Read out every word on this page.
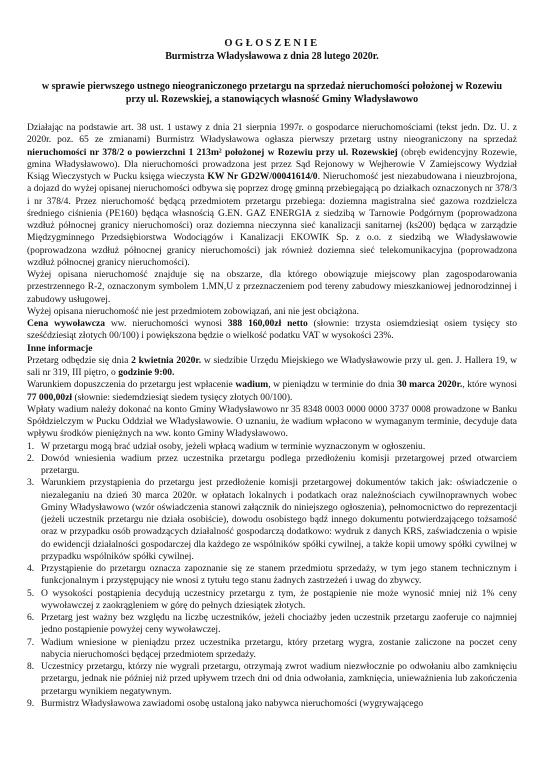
OGŁOSZENIE
Burmistrza Władysławowa z dnia 28 lutego 2020r.
w sprawie pierwszego ustnego nieograniczonego przetargu na sprzedaż nieruchomości położonej w Rozewiu przy ul. Rozewskiej, a stanowiących własność Gminy Władysławowo

Działając na podstawie art. 38 ust. 1 ustawy z dnia 21 sierpnia 1997r. o gospodarce nieruchomościami (tekst jedn. Dz. U. z 2020r. poz. 65 ze zmianami) Burmistrz Władysławowa ogłasza pierwszy przetarg ustny nieograniczony na sprzedaż nieruchomości nr 378/2 o powierzchni 1 213m² położonej w Rozewiu przy ul. Rozewskiej (obręb ewidencyjny Rozewie, gmina Władysławowo). Dla nieruchomości prowadzona jest przez Sąd Rejonowy w Wejherowie V Zamiejscowy Wydział Ksiąg Wieczystych w Pucku księga wieczysta KW Nr GD2W/00041614/0. Nieruchomość jest niezabudowana i nieuzbrojona, a dojazd do wyżej opisanej nieruchomości odbywa się poprzez drogę gminną przebiegającą po działkach oznaczonych nr 378/3 i nr 378/4. Przez nieruchomość będącą przedmiotem przetargu przebiega: doziemna magistralna sieć gazowa rozdzielcza średniego ciśnienia (PE160) będąca własnością G.EN. GAZ ENERGIA z siedzibą w Tarnowie Podgórnym (poprowadzona wzdłuż północnej granicy nieruchomości) oraz doziemna nieczynna sieć kanalizacji sanitarnej (ks200) będąca w zarządzie Międzygminnego Przedsiębiorstwa Wodociągów i Kanalizacji EKOWIK Sp. z o.o. z siedzibą we Władysławowie (poprowadzona wzdłuż północnej granicy nieruchomości) jak również doziemna sieć telekomunikacyjna (poprowadzona wzdłuż północnej granicy nieruchomości).

Wyżej opisana nieruchomość znajduje się na obszarze, dla którego obowiązuje miejscowy plan zagospodarowania przestrzennego R-2, oznaczonym symbolem 1.MN,U z przeznaczeniem pod tereny zabudowy mieszkaniowej jednorodzinnej i zabudowy usługowej.

Wyżej opisana nieruchomość nie jest przedmiotem zobowiązań, ani nie jest obciążona.

Cena wywoławcza ww. nieruchomości wynosi 388 160,00zł netto (słownie: trzysta osiemdziesiąt osiem tysięcy sto sześćdziesiąt złotych 00/100) i powiększona będzie o wielkość podatku VAT w wysokości 23%.

Inne informacje

Przetarg odbędzie się dnia 2 kwietnia 2020r. w siedzibie Urzędu Miejskiego we Władysławowie przy ul. gen. J. Hallera 19, w sali nr 319, III piętro, o godzinie 9:00.

Warunkiem dopuszczenia do przetargu jest wpłacenie wadium, w pieniądzu w terminie do dnia 30 marca 2020r., które wynosi 77 000,00zł (słownie: siedemdziesiąt siedem tysięcy złotych 00/100).

Wpłaty wadium należy dokonać na konto Gminy Władysławowo nr 35 8348 0003 0000 0000 3737 0008 prowadzone w Banku Spółdzielczym w Pucku Oddział we Władysławowie. O uznaniu, że wadium wpłacono w wymaganym terminie, decyduje data wpływu środków pieniężnych na ww. konto Gminy Władysławowo.

1. W przetargu mogą brać udział osoby, jeżeli wpłacą wadium w terminie wyznaczonym w ogłoszeniu.
2. Dowód wniesienia wadium przez uczestnika przetargu podlega przedłożeniu komisji przetargowej przed otwarciem przetargu.
3. Warunkiem przystąpienia do przetargu jest przedłożenie komisji przetargowej dokumentów takich jak: oświadczenie o niezaleganiu na dzień 30 marca 2020r. w opłatach lokalnych i podatkach oraz należnościach cywilnoprawnych wobec Gminy Władysławowo (wzór oświadczenia stanowi załącznik do niniejszego ogłoszenia), pełnomocnictwo do reprezentacji (jeżeli uczestnik przetargu nie działa osobiście), dowodu osobistego bądź innego dokumentu potwierdzającego tożsamość oraz w przypadku osób prowadzących działalność gospodarczą dodatkowo: wydruk z danych KRS, zaświadczenia o wpisie do ewidencji działalności gospodarczej dla każdego ze wspólników spółki cywilnej, a także kopii umowy spółki cywilnej w przypadku wspólników spółki cywilnej.
4. Przystąpienie do przetargu oznacza zapoznanie się ze stanem przedmiotu sprzedaży, w tym jego stanem technicznym i funkcjonalnym i przystępujący nie wnosi z tytułu tego stanu żadnych zastrzeżeń i uwag do zbywcy.
5. O wysokości postąpienia decydują uczestnicy przetargu z tym, że postąpienie nie może wynosić mniej niż 1% ceny wywoławczej z zaokrągleniem w górę do pełnych dziesiątek złotych.
6. Przetarg jest ważny bez względu na liczbę uczestników, jeżeli chociażby jeden uczestnik przetargu zaoferuje co najmniej jedno postąpienie powyżej ceny wywoławczej.
7. Wadium wniesione w pieniądzu przez uczestnika przetargu, który przetarg wygra, zostanie zaliczone na poczet ceny nabycia nieruchomości będącej przedmiotem sprzedaży.
8. Uczestnicy przetargu, którzy nie wygrali przetargu, otrzymają zwrot wadium niezwłocznie po odwołaniu albo zamknięciu przetargu, jednak nie później niż przed upływem trzech dni od dnia odwołania, zamknięcia, unieważnienia lub zakończenia przetargu wynikiem negatywnym.
9. Burmistrz Władysławowa zawiadomi osobę ustaloną jako nabywca nieruchomości (wygrywającego
